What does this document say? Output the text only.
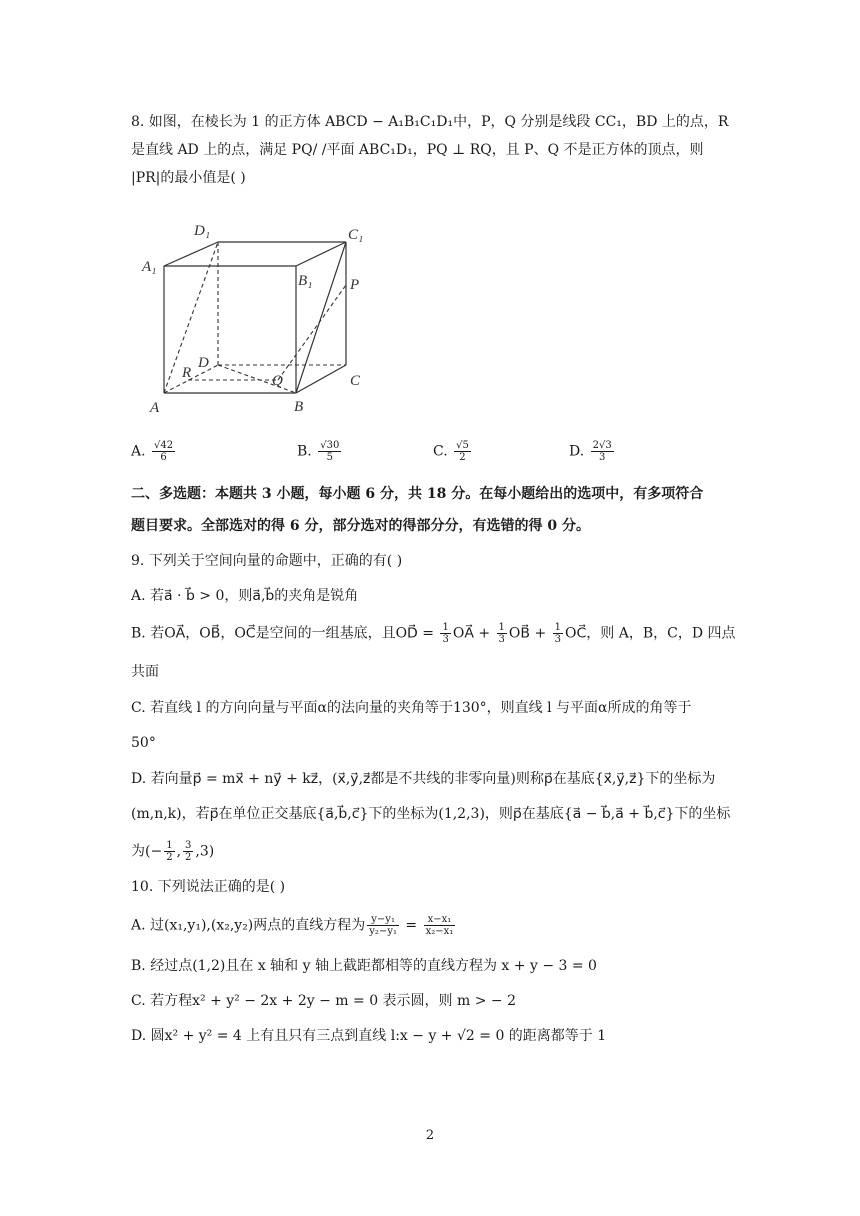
8. 如图，在棱长为 1 的正方体 ABCD − A₁B₁C₁D₁中，P，Q 分别是线段 CC₁，BD 上的点，R
是直线 AD 上的点，满足 PQ/ /平面 ABC₁D₁，PQ ⊥ RQ，且 P、Q 不是正方体的顶点，则
|PR|的最小值是( )
D₁	C₁
A₁
B₁	P
D
R	Q	C
A	B
A. $\frac{√42}{6}$	B. $\frac{√30}{5}$	C. $\frac{√5}{2}$	D. $\frac{2√3}{3}$
二、多选题：本题共 3 小题，每小题 6 分，共 18 分。在每小题给出的选项中，有多项符合
题目要求。全部选对的得 6 分，部分选对的得部分分，有选错的得 0 分。
9. 下列关于空间向量的命题中，正确的有( )
A. 若a⃗ · b⃗ > 0，则a⃗,b⃗的夹角是锐角
B. 若OA⃗，OB⃗，OC⃗是空间的一组基底，且OD⃗ = $\frac{1}{3}$ OA⃗ + $\frac{1}{3}$ OB⃗ + $\frac{1}{3}$ OC⃗，则 A，B，C，D 四点
共面
C. 若直线 l 的方向向量与平面α的法向量的夹角等于130°，则直线 l 与平面α所成的角等于
50°
D. 若向量p⃗ = mx⃗ + ny⃗ + kz⃗，(x⃗,y⃗,z⃗都是不共线的非零向量)则称p⃗在基底{x⃗,y⃗,z⃗}下的坐标为
(m,n,k)，若p⃗在单位正交基底{a⃗,b⃗,c⃗}下的坐标为(1,2,3)，则p⃗在基底{a⃗ − b⃗,a⃗ + b⃗,c⃗}下的坐标
为(− $\frac{1}{2}$ , $\frac{3}{2} ,3$)
10. 下列说法正确的是( )
A. 过(x₁,y₁),(x₂,y₂)两点的直线方程为 $\frac{\text{y−y₁}}{\text{y₂−y₁}} = \frac{\text{x−x₁}}{\text{x₂−x₁}}$
B. 经过点(1,2)且在 x 轴和 y 轴上截距都相等的直线方程为 x + y − 3 = 0
C. 若方程x² + y² − 2x + 2y − m = 0 表示圆，则 m > − 2
D. 圆x² + y² = 4 上有且只有三点到直线 l:x − y + √2 = 0 的距离都等于 1
2
